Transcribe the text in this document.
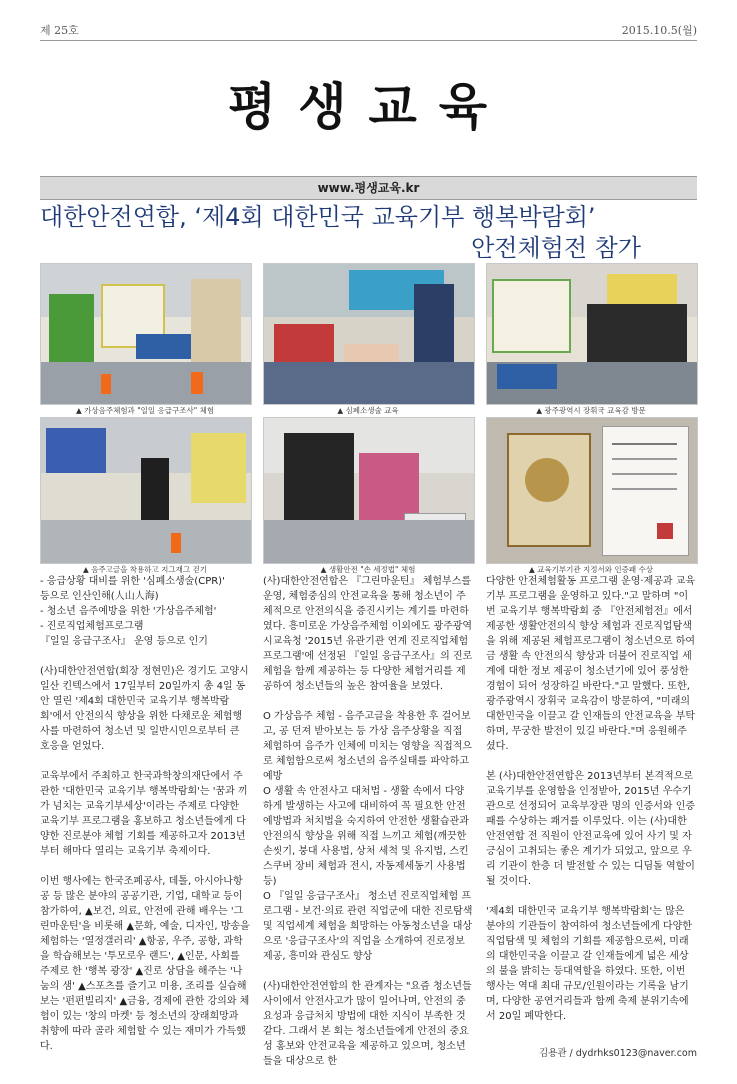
제 25호	2015.10.5(월)
평생교육
www.평생교육.kr
대한안전연합, ‘제4회 대한민국 교육기부 행복박람회’
안전체험전 참가
▲ 가상음주체험과 "일일 응급구조사" 체험	▲ 심폐소생술 교육	▲ 광주광역시 장휘국 교육감 방문
▲ 음주고글을 착용하고 지그재그 걷기	▲ 생활안전 "손 세정법" 체험	▲ 교육기부기관 지정서와 인증패 수상

- 응급상황 대비를 위한 '심폐소생술(CPR)'
등으로 인산인해(人山人海)
- 청소년 음주예방을 위한 '가상음주체험'
- 진로직업체험프로그램
『일일 응급구조사』 운영 등으로 인기

(사)대한안전연합(회장 정현민)은 경기도 고양시 일산 킨텍스에서 17일부터 20일까지 총 4일 동안 열린 '제4회 대한민국 교육기부 행복박람회'에서 안전의식 향상을 위한 다채로운 체험행사를 마련하여 청소년 및 일반시민으로부터 큰 호응을 얻었다.

교육부에서 주최하고 한국과학창의재단에서 주관한 '대한민국 교육기부 행복박람회'는 '꿈과 끼가 넘치는 교육기부세상'이라는 주제로 다양한 교육기부 프로그램을 홍보하고 청소년들에게 다양한 진로분야 체험 기회를 제공하고자 2013년부터 해마다 열리는 교육기부 축제이다.

이번 행사에는 한국조폐공사, 데톨, 아시아나항공 등 많은 분야의 공공기관, 기업, 대학교 등이 참가하여, ▲보건, 의료, 안전에 관해 배우는 '그린마운틴'을 비롯해 ▲문화, 예술, 디자인, 방송을 체험하는 '열정갤러리' ▲항공, 우주, 공항, 과학을 학습해보는 '투모로우 랜드', ▲인문, 사회를 주제로 한 '행복 광장' ▲진로 상담을 해주는 '나눔의 샘' ▲스포츠를 즐기고 미용, 조리를 실습해보는 '펀펀빌리지' ▲금융, 경제에 관한 강의와 체험이 있는 '창의 마켓' 등 청소년의 장래희망과 취향에 따라 골라 체험할 수 있는 재미가 가득했다.

(사)대한안전연합은 『그린마운틴』 체험부스를 운영, 체험중심의 안전교육을 통해 청소년이 주체적으로 안전의식을 증진시키는 계기를 마련하였다. 흥미로운 가상음주체험 이외에도 광주광역시교육청 '2015년 유관기관 연계 진로직업체험프로그램'에 선정된 『일일 응급구조사』의 진로체험을 함께 제공하는 등 다양한 체험거리를 제공하여 청소년들의 높은 참여율을 보였다.

O 가상음주 체험 - 음주고글을 착용한 후 걸어보고, 공 던져 받아보는 등 가상 음주상황을 직접 체험하여 음주가 인체에 미치는 영향을 직접적으로 체험함으로써 청소년의 음주실태를 파악하고 예방

O 생활 속 안전사고 대처법 - 생활 속에서 다양하게 발생하는 사고에 대비하여 꼭 필요한 안전예방법과 처치법을 숙지하여 안전한 생활습관과 안전의식 향상을 위해 직접 느끼고 체험(깨끗한 손씻기, 붕대 사용법, 상처 세척 및 유지법, 스킨스쿠버 장비 체험과 전시, 자동제세동기 사용법 등)

O 『일일 응급구조사』 청소년 진로직업체험 프로그램 - 보건·의료 관련 직업군에 대한 진로탐색 및 직업세계 체험을 희망하는 아동청소년을 대상으로 '응급구조사'의 직업을 소개하여 진로정보 제공, 흥미와 관심도 향상

(사)대한안전연합의 한 관계자는 "요즘 청소년들 사이에서 안전사고가 많이 일어나며, 안전의 중요성과 응급처치 방법에 대한 지식이 부족한 것 같다. 그래서 본 회는 청소년들에게 안전의 중요성 홍보와 안전교육을 제공하고 있으며, 청소년들을 대상으로 한

다양한 안전체험활동 프로그램 운영·제공과 교육기부 프로그램을 운영하고 있다."고 말하며 "이번 교육기부 행복박람회 중 『안전체험전』에서 제공한 생활안전의식 향상 체험과 진로직업탐색을 위해 제공된 체험프로그램이 청소년으로 하여금 생활 속 안전의식 향상과 더불어 진로직업 세계에 대한 정보 제공이 청소년기에 있어 풍성한 경험이 되어 성장하길 바란다."고 말했다. 또한, 광주광역시 장휘국 교육감이 방문하여, "미래의 대한민국을 이끌고 갈 인재들의 안전교육을 부탁하며, 무궁한 발전이 있길 바란다."며 응원해주셨다.

본 (사)대한안전연합은 2013년부터 본격적으로 교육기부를 운영함을 인정받아, 2015년 우수기관으로 선정되어 교육부장관 명의 인증서와 인증패를 수상하는 쾌거를 이루었다. 이는 (사)대한안전연합 전 직원이 안전교육에 있어 사기 및 자긍심이 고취되는 좋은 계기가 되었고, 앞으로 우리 기관이 한층 더 발전할 수 있는 디딤돌 역할이 될 것이다.

'제4회 대한민국 교육기부 행복박람회'는 많은 분야의 기관들이 참여하여 청소년들에게 다양한 직업탐색 및 체험의 기회를 제공함으로써, 미래의 대한민국을 이끌고 갈 인재들에게 넓은 세상의 불을 밝히는 등대역할을 하였다. 또한, 이번 행사는 역대 최대 규모/인원이라는 기록을 남기며, 다양한 공연거리들과 함께 축제 분위기속에서 20일 폐막한다.

김용관 / dydrhks0123@naver.com
